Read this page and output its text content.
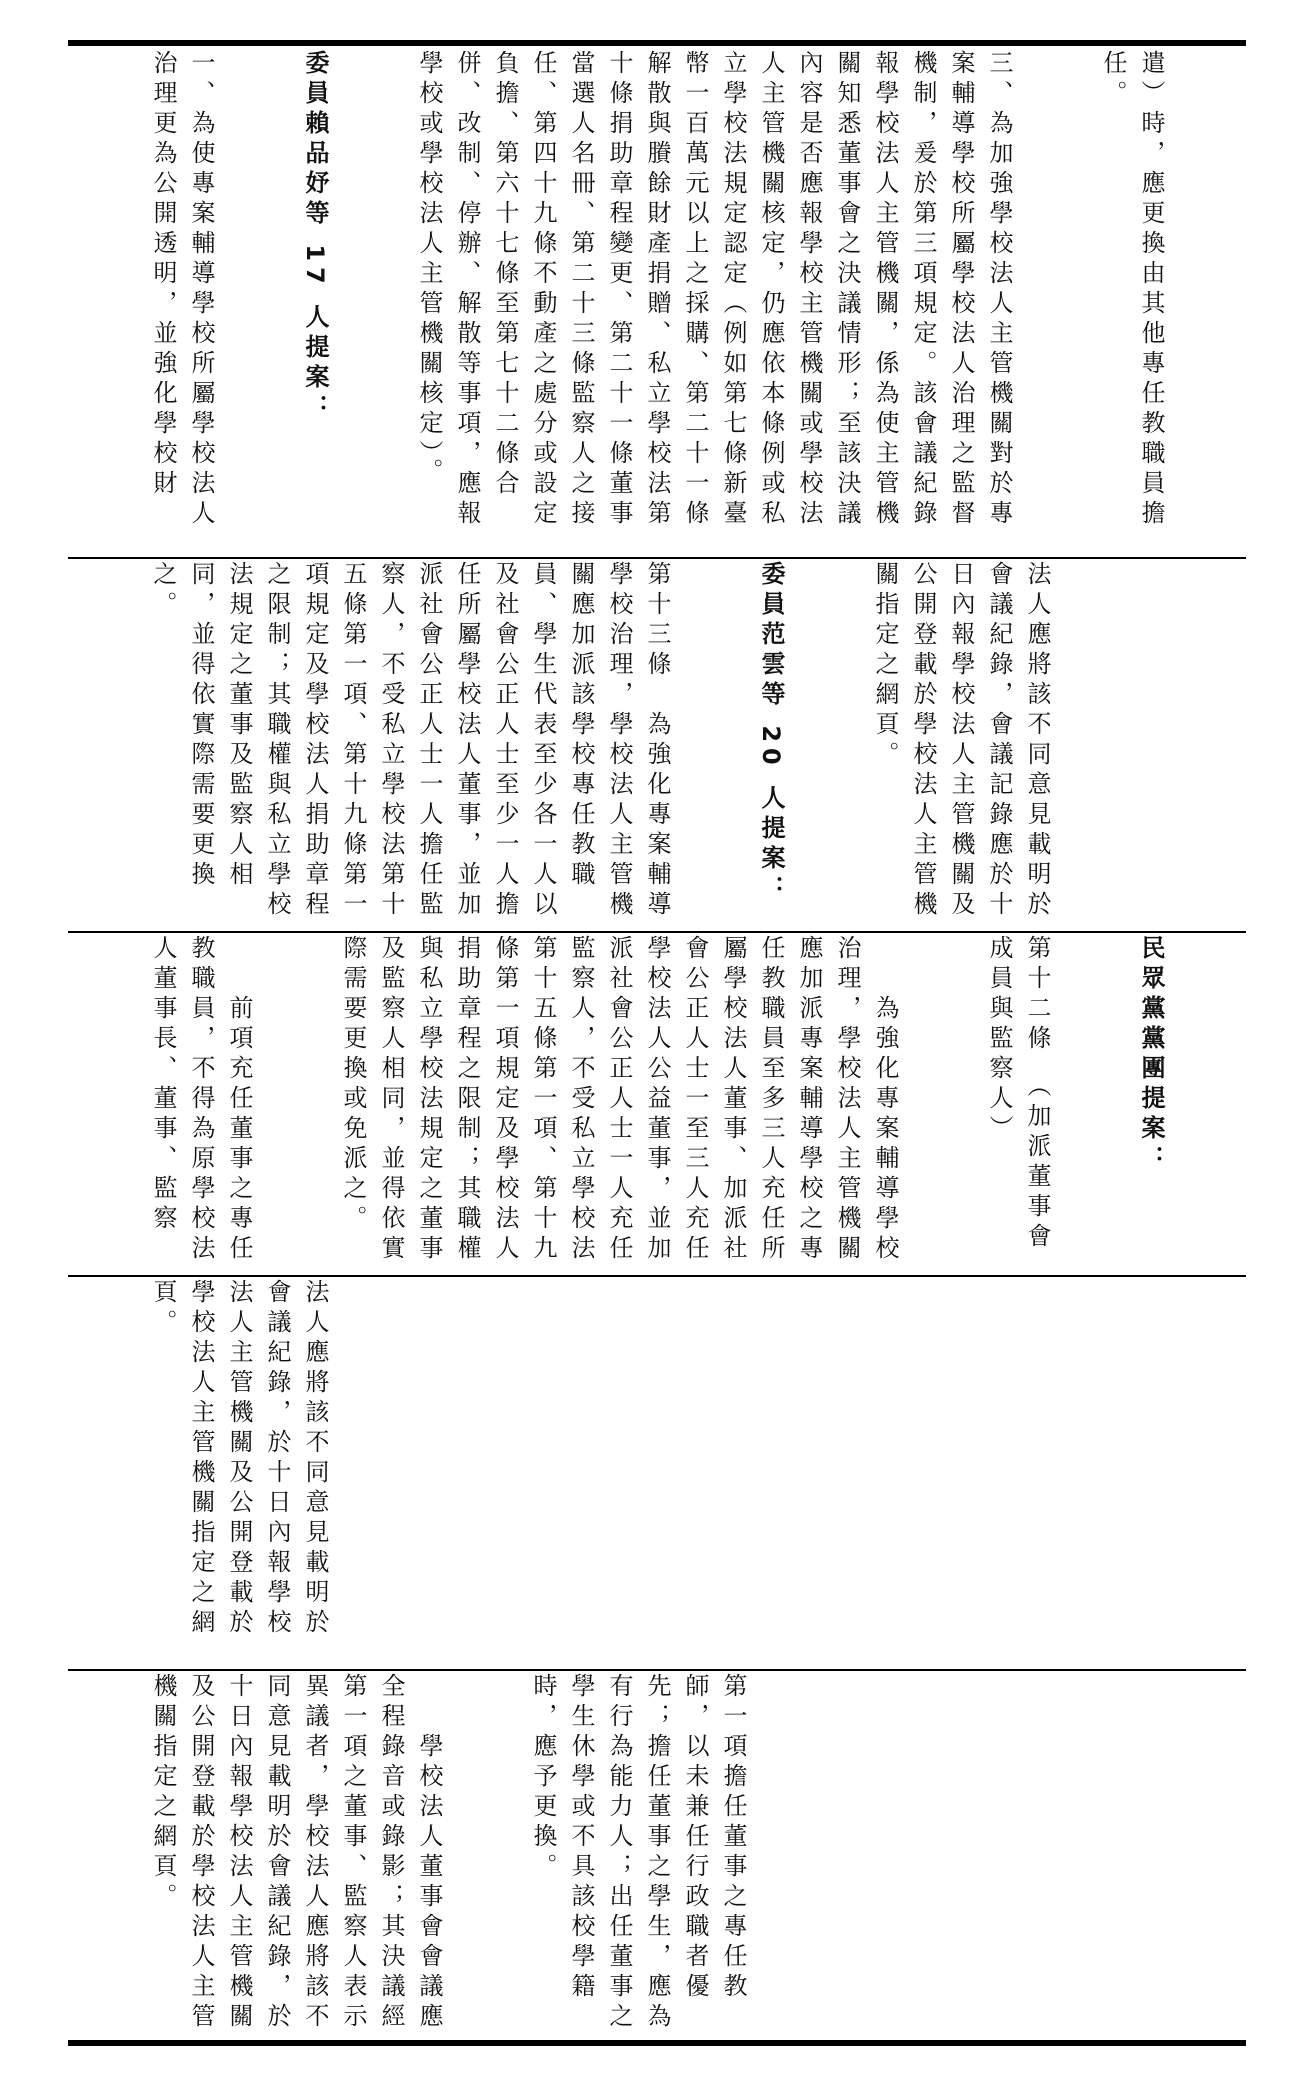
遣）時，應更換由其他專任教職員擔任。

三、為加強學校法人主管機關對於專案輔導學校所屬學校法人治理之監督機制，爰於第三項規定。該會議紀錄報學校法人主管機關，係為使主管機關知悉董事會之決議情形；至該決議內容是否應報學校主管機關或學校法人主管機關核定，仍應依本條例或私立學校法規定認定（例如第七條新臺幣一百萬元以上之採購、第二十一條解散與賸餘財產捐贈、私立學校法第十條捐助章程變更、第二十一條董事當選人名冊、第二十三條監察人之接任、第四十九條不動產之處分或設定負擔、第六十七條至第七十二條合併、改制、停辦、解散等事項，應報學校或學校法人主管機關核定）。

委員賴品妤等 17 人提案：

一、為使專案輔導學校所屬學校法人治理更為公開透明，並強化學校財

法人應將該不同意見載明於會議紀錄，會議記錄應於十日內報學校法人主管機關及公開登載於學校法人主管機關指定之網頁。

委員范雲等 20 人提案：

第十三條　為強化專案輔導學校治理，學校法人主管機關應加派該學校專任教職員、學生代表至少各一人以及社會公正人士至少一人擔任所屬學校法人董事，並加派社會公正人士一人擔任監察人，不受私立學校法第十五條第一項、第十九條第一項規定及學校法人捐助章程之限制；其職權與私立學校法規定之董事及監察人相同，並得依實際需要更換之。

民眾黨黨團提案：

第十二條　（加派董事會成員與監察人）

　　為強化專案輔導學校治理，學校法人主管機關應加派專案輔導學校之專任教職員至多三人充任所屬學校法人董事、加派社會公正人士一至三人充任學校法人公益董事，並加派社會公正人士一人充任監察人，不受私立學校法第十五條第一項、第十九條第一項規定及學校法人捐助章程之限制；其職權與私立學校法規定之董事及監察人相同，並得依實際需要更換或免派之。

　　前項充任董事之專任教職員，不得為原學校法人董事長、董事、監察

法人應將該不同意見載明於會議紀錄，於十日內報學校法人主管機關及公開登載於學校法人主管機關指定之網頁。

第一項擔任董事之專任教師，以未兼任行政職者優先；擔任董事之學生，應為有行為能力人；出任董事之學生休學或不具該校學籍時，應予更換。

　　學校法人董事會會議應全程錄音或錄影；其決議經第一項之董事、監察人表示異議者，學校法人應將該不同意見載明於會議紀錄，於十日內報學校法人主管機關及公開登載於學校法人主管機關指定之網頁。
